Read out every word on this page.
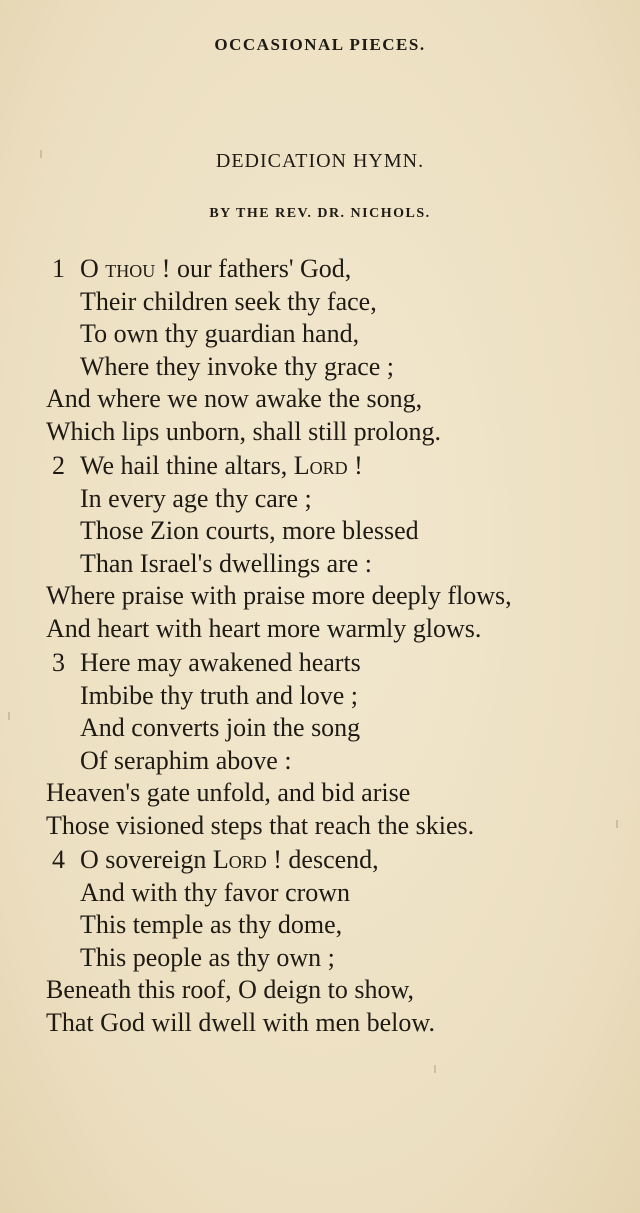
OCCASIONAL PIECES.
DEDICATION HYMN.
BY THE REV. DR. NICHOLS.
1 O thou ! our fathers' God,
Their children seek thy face,
To own thy guardian hand,
Where they invoke thy grace ;
And where we now awake the song,
Which lips unborn, shall still prolong.
2 We hail thine altars, Lord !
In every age thy care ;
Those Zion courts, more blessed
Than Israel's dwellings are :
Where praise with praise more deeply flows,
And heart with heart more warmly glows.
3 Here may awakened hearts
Imbibe thy truth and love ;
And converts join the song
Of seraphim above :
Heaven's gate unfold, and bid arise
Those visioned steps that reach the skies.
4 O sovereign Lord ! descend,
And with thy favor crown
This temple as thy dome,
This people as thy own ;
Beneath this roof, O deign to show,
That God will dwell with men below.
